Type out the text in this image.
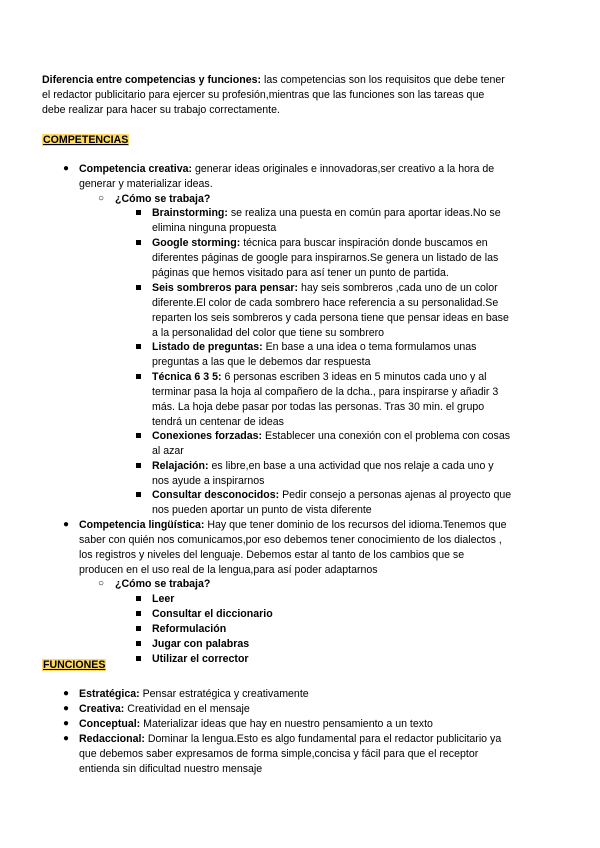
Diferencia entre competencias y funciones: las competencias son los requisitos que debe tener
el redactor publicitario para ejercer su profesión,mientras que las funciones son las tareas que
debe realizar para hacer su trabajo correctamente.
COMPETENCIAS
● Competencia creativa: generar ideas originales e innovadoras,ser creativo a la hora de
generar y materializar ideas.
○ ¿Cómo se trabaja?
Brainstorming: se realiza una puesta en común para aportar ideas.No se
elimina ninguna propuesta
Google storming: técnica para buscar inspiración donde buscamos en
diferentes páginas de google para inspirarnos.Se genera un listado de las
páginas que hemos visitado para así tener un punto de partida.
Seis sombreros para pensar: hay seis sombreros ,cada uno de un color
diferente.El color de cada sombrero hace referencia a su personalidad.Se
reparten los seis sombreros y cada persona tiene que pensar ideas en base
a la personalidad del color que tiene su sombrero
Listado de preguntas: En base a una idea o tema formulamos unas
preguntas a las que le debemos dar respuesta
Técnica 6 3 5: 6 personas escriben 3 ideas en 5 minutos cada uno y al
terminar pasa la hoja al compañero de la dcha., para inspirarse y añadir 3
más. La hoja debe pasar por todas las personas. Tras 30 min. el grupo
tendrá un centenar de ideas
Conexiones forzadas: Establecer una conexión con el problema con cosas
al azar
Relajación: es libre,en base a una actividad que nos relaje a cada uno y
nos ayude a inspirarnos
Consultar desconocidos: Pedir consejo a personas ajenas al proyecto que
nos pueden aportar un punto de vista diferente
● Competencia lingüística: Hay que tener dominio de los recursos del idioma.Tenemos que
saber con quién nos comunicamos,por eso debemos tener conocimiento de los dialectos ,
los registros y niveles del lenguaje. Debemos estar al tanto de los cambios que se
producen en el uso real de la lengua,para así poder adaptarnos
○ ¿Cómo se trabaja?
Leer
Consultar el diccionario
Reformulación
Jugar con palabras
Utilizar el corrector
FUNCIONES
● Estratégica: Pensar estratégica y creativamente
● Creativa: Creatividad en el mensaje
● Conceptual: Materializar ideas que hay en nuestro pensamiento a un texto
● Redaccional: Dominar la lengua.Esto es algo fundamental para el redactor publicitario ya
que debemos saber expresamos de forma simple,concisa y fácil para que el receptor
entienda sin dificultad nuestro mensaje
